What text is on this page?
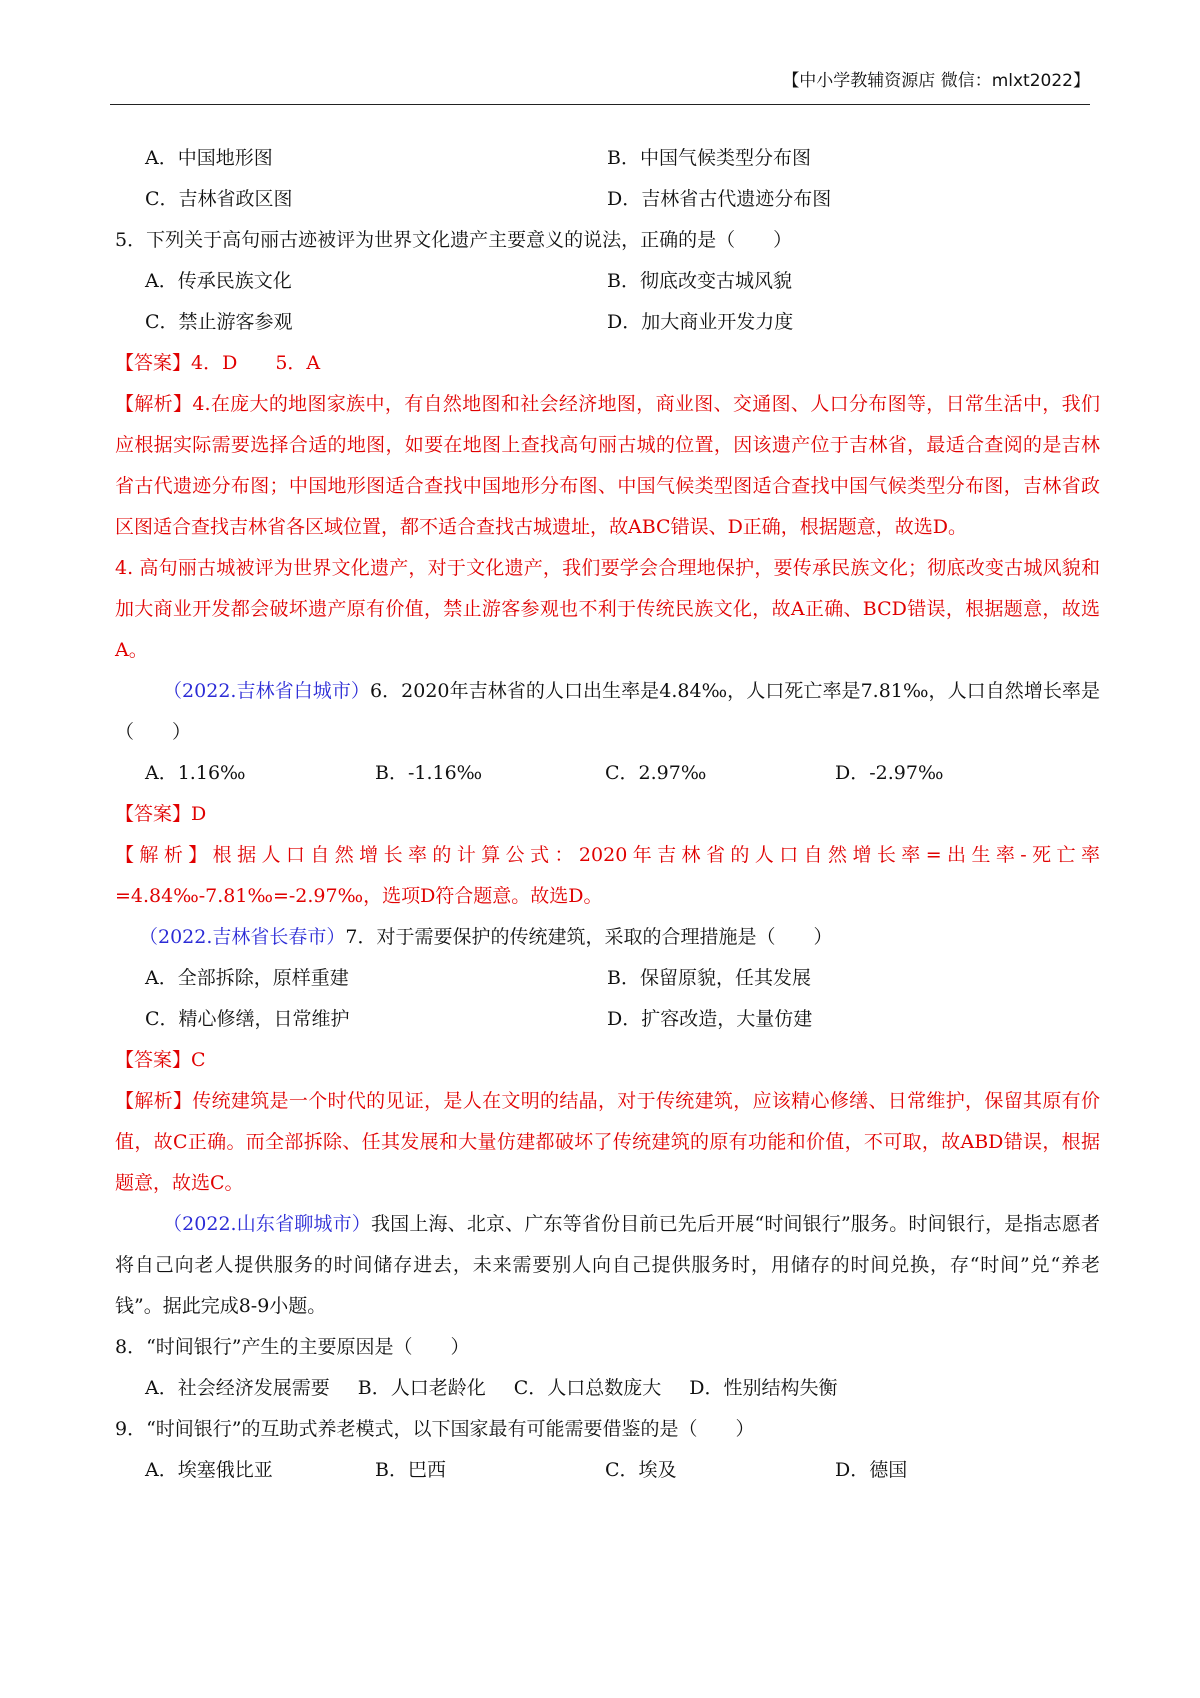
【中小学教辅资源店 微信：mlxt2022】
A．中国地形图	B．中国气候类型分布图
C．吉林省政区图	D．吉林省古代遗迹分布图
5．下列关于高句丽古迹被评为世界文化遗产主要意义的说法，正确的是（　　）
A．传承民族文化	B．彻底改变古城风貌
C．禁止游客参观	D．加大商业开发力度
【答案】4．D　　5．A
【解析】4.在庞大的地图家族中，有自然地图和社会经济地图，商业图、交通图、人口分布图等，日常生活中，我们应根据实际需要选择合适的地图，如要在地图上查找高句丽古城的位置，因该遗产位于吉林省，最适合查阅的是吉林省古代遗迹分布图；中国地形图适合查找中国地形分布图、中国气候类型图适合查找中国气候类型分布图，吉林省政区图适合查找吉林省各区域位置，都不适合查找古城遗址，故ABC错误、D正确，根据题意，故选D。
4. 高句丽古城被评为世界文化遗产，对于文化遗产，我们要学会合理地保护，要传承民族文化；彻底改变古城风貌和加大商业开发都会破坏遗产原有价值，禁止游客参观也不利于传统民族文化，故A正确、BCD错误，根据题意，故选A。
（2022.吉林省白城市）6．2020年吉林省的人口出生率是4.84‰，人口死亡率是7.81‰，人口自然增长率是（　　）
A．1.16‰	B．-1.16‰	C．2.97‰	D．-2.97‰
【答案】D
【解析】根据人口自然增长率的计算公式：2020年吉林省的人口自然增长率=出生率-死亡率=4.84‰-7.81‰=-2.97‰，选项D符合题意。故选D。
（2022.吉林省长春市）7．对于需要保护的传统建筑，采取的合理措施是（　　）
A．全部拆除，原样重建	B．保留原貌，任其发展
C．精心修缮，日常维护	D．扩容改造，大量仿建
【答案】C
【解析】传统建筑是一个时代的见证，是人在文明的结晶，对于传统建筑，应该精心修缮、日常维护，保留其原有价值，故C正确。而全部拆除、任其发展和大量仿建都破坏了传统建筑的原有功能和价值，不可取，故ABD错误，根据题意，故选C。
（2022.山东省聊城市）我国上海、北京、广东等省份目前已先后开展“时间银行”服务。时间银行，是指志愿者将自己向老人提供服务的时间储存进去，未来需要别人向自己提供服务时，用储存的时间兑换，存“时间”兑“养老钱”。据此完成8-9小题。
8．“时间银行”产生的主要原因是（　　）
A．社会经济发展需要	B．人口老龄化	C．人口总数庞大	D．性别结构失衡
9．“时间银行”的互助式养老模式，以下国家最有可能需要借鉴的是（　　）
A．埃塞俄比亚	B．巴西	C．埃及	D．德国
